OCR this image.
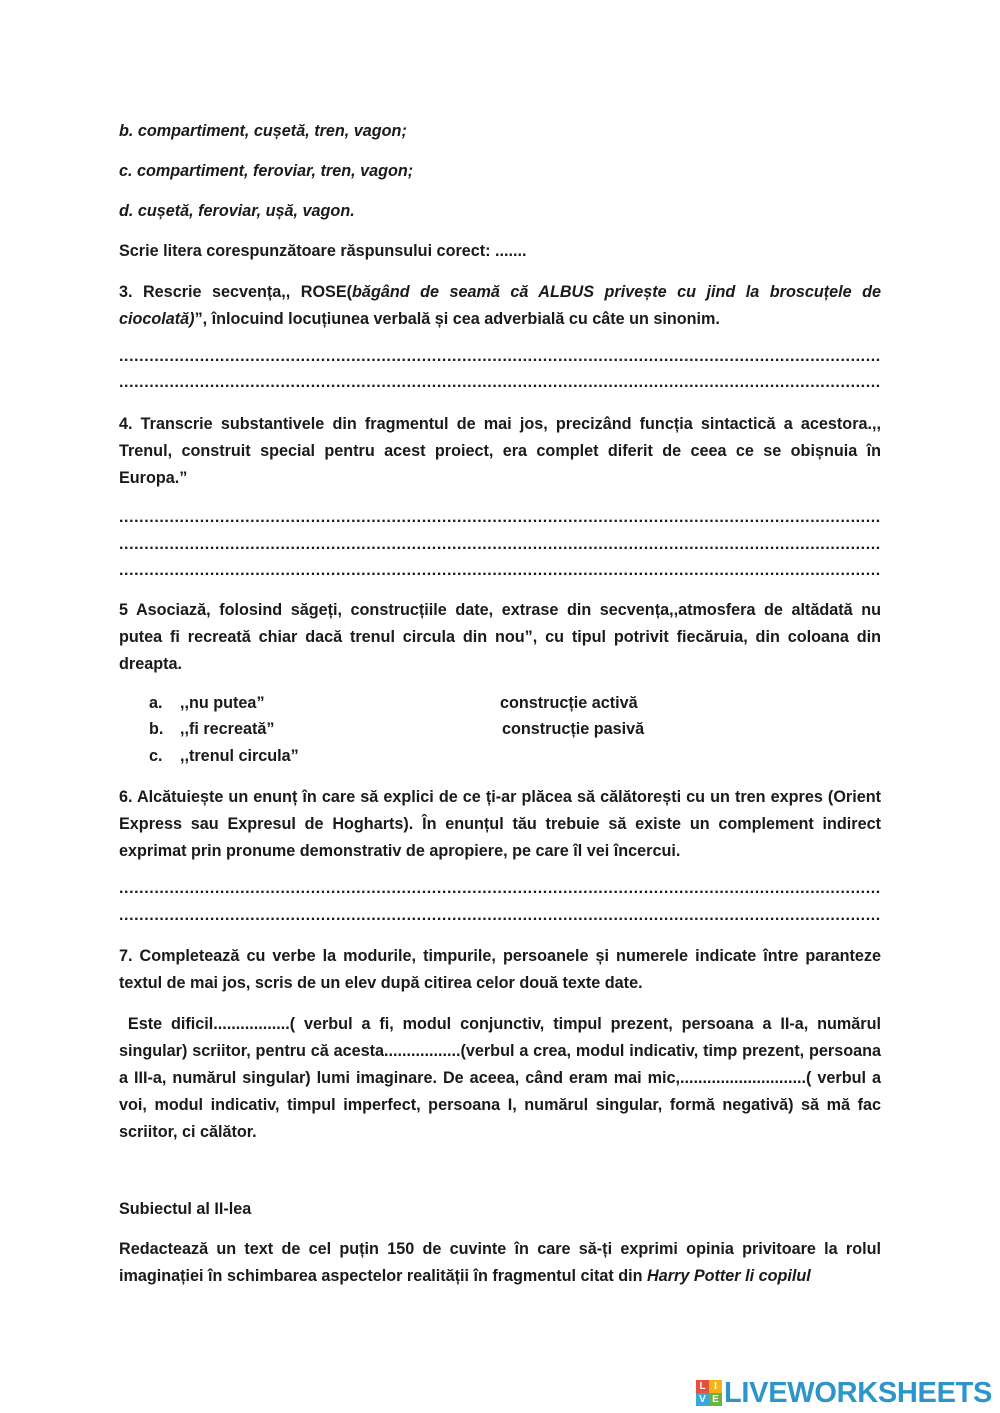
b. compartiment, cușetă, tren, vagon;

c. compartiment, feroviar, tren, vagon;

d. cușetă, feroviar, ușă, vagon.

Scrie litera corespunzătoare răspunsului corect: .......

3. Rescrie secvența,, ROSE(băgând de seamă că ALBUS privește cu jind la broscuțele de ciocolată)”, înlocuind locuțiunea verbală și cea adverbială cu câte un sinonim.

.....
.....

4. Transcrie substantivele din fragmentul de mai jos, precizând funcția sintactică a acestora.,, Trenul, construit special pentru acest proiect, era complet diferit de ceea ce se obișnuia în Europa.”

.....
.....
.....

5 Asociază, folosind săgeți, construcțiile date, extrase din secvența,,atmosfera de altădată nu putea fi recreată chiar dacă trenul circula din nou”, cu tipul potrivit fiecăruia, din coloana din dreapta.

a. ,,nu putea”
b. ,,fi recreată”
c. ,,trenul circula”
construcție activă
construcție pasivă

6. Alcătuiește un enunț în care să explici de ce ți-ar plăcea să călătorești cu un tren expres (Orient Express sau Expresul de Hogharts). În enunțul tău trebuie să existe un complement indirect exprimat prin pronume demonstrativ de apropiere, pe care îl vei încercui.

.....
.....

7. Completează cu verbe la modurile, timpurile, persoanele și numerele indicate între paranteze textul de mai jos, scris de un elev după citirea celor două texte date.

Este dificil.................( verbul a fi, modul conjunctiv, timpul prezent, persoana a II-a, numărul singular) scriitor, pentru că acesta.................(verbul a crea, modul indicativ, timp prezent, persoana a III-a, numărul singular) lumi imaginare. De aceea, când eram mai mic,............................( verbul a voi, modul indicativ, timpul imperfect, persoana I, numărul singular, formă negativă) să mă fac scriitor, ci călător.

Subiectul al II-lea

Redactează un text de cel puțin 150 de cuvinte în care să-ți exprimi opinia privitoare la rolul imaginației în schimbarea aspectelor realității în fragmentul citat din Harry Potter li copilul

L I
V E LIVEWORKSHEETS
